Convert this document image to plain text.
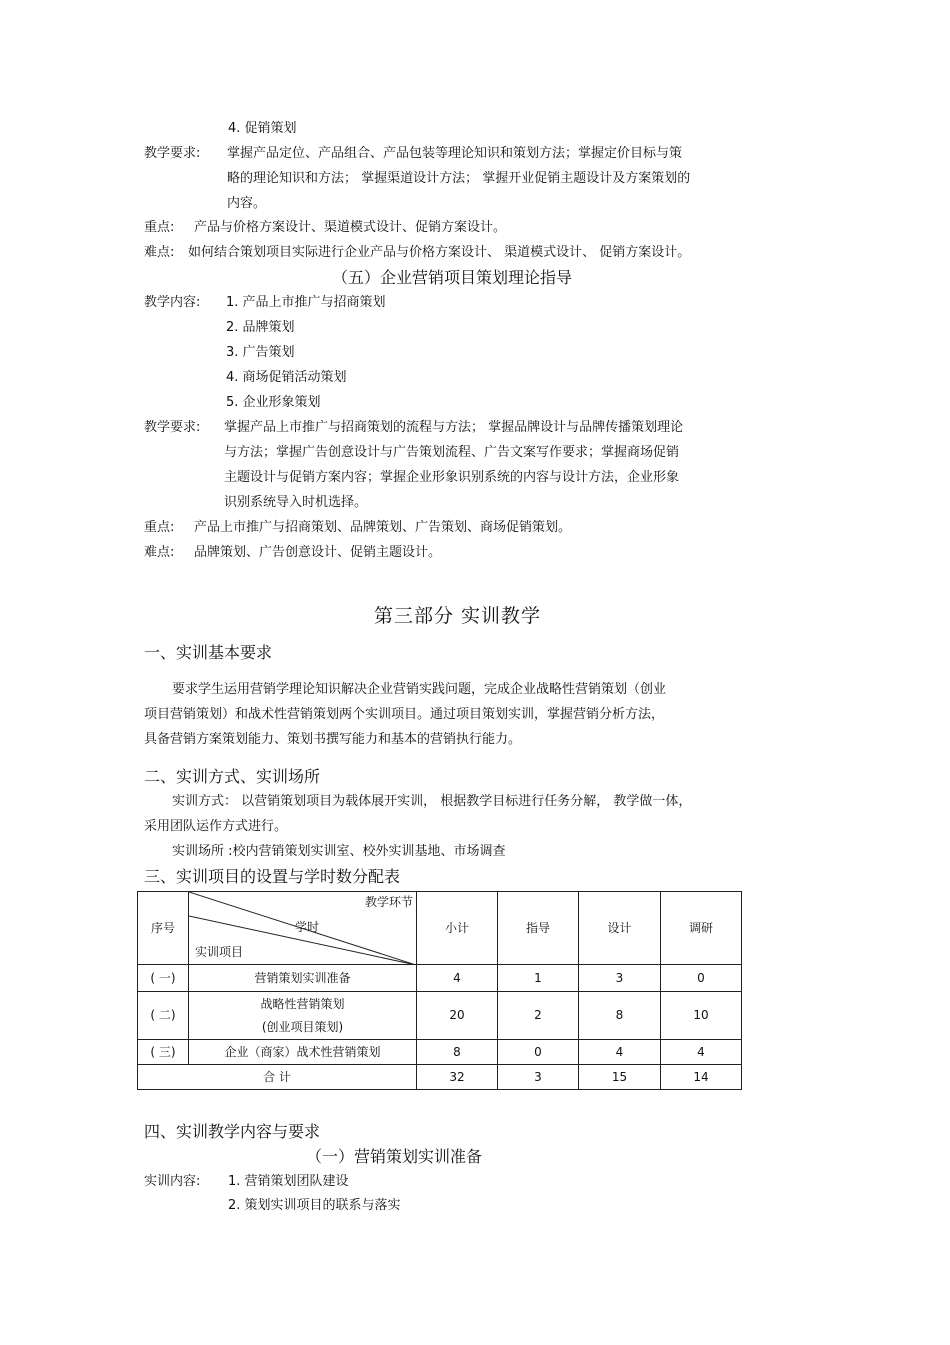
4. 促销策划
教学要求: 掌握产品定位、产品组合、产品包装等理论知识和策划方法；掌握定价目标与策
略的理论知识和方法； 掌握渠道设计方法； 掌握开业促销主题设计及方案策划的
内容。
重点: 产品与价格方案设计、渠道模式设计、促销方案设计。
难点: 如何结合策划项目实际进行企业产品与价格方案设计、 渠道模式设计、 促销方案设计。
（五）企业营销项目策划理论指导
教学内容: 1. 产品上市推广与招商策划
2. 品牌策划
3. 广告策划
4. 商场促销活动策划
5. 企业形象策划
教学要求: 掌握产品上市推广与招商策划的流程与方法； 掌握品牌设计与品牌传播策划理论
与方法；掌握广告创意设计与广告策划流程、广告文案写作要求；掌握商场促销
主题设计与促销方案内容；掌握企业形象识别系统的内容与设计方法，企业形象
识别系统导入时机选择。
重点: 产品上市推广与招商策划、品牌策划、广告策划、商场促销策划。
难点: 品牌策划、广告创意设计、促销主题设计。
第三部分 实训教学
一、实训基本要求
要求学生运用营销学理论知识解决企业营销实践问题，完成企业战略性营销策划（创业
项目营销策划）和战术性营销策划两个实训项目。通过项目策划实训，掌握营销分析方法，
具备营销方案策划能力、策划书撰写能力和基本的营销执行能力。
二、实训方式、实训场所
实训方式： 以营销策划项目为载体展开实训， 根据教学目标进行任务分解， 教学做一体，
采用团队运作方式进行。
实训场所 :校内营销策划实训室、校外实训基地、市场调查
三、实训项目的设置与学时数分配表
序号	教学环节
学时
实训项目	小计	指导	设计	调研
( 一)	营销策划实训准备	4	1	3	0
( 二)	战略性营销策划
(创业项目策划)	20	2	8	10
( 三)	企业（商家）战术性营销策划	8	0	4	4
合 计		32	3	15	14
四、实训教学内容与要求
（一）营销策划实训准备
实训内容: 1. 营销策划团队建设
2. 策划实训项目的联系与落实
